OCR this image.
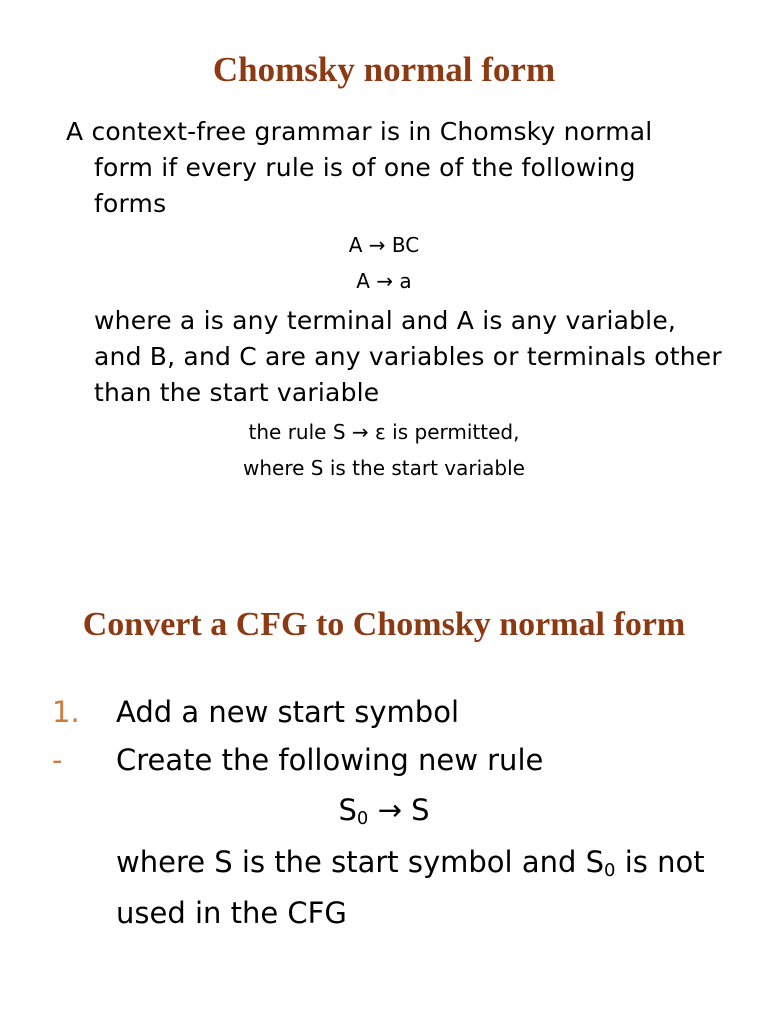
Chomsky normal form

A context-free grammar is in Chomsky normal form if every rule is of one of the following forms

A → BC
A → a

where a is any terminal and A is any variable, and B, and C are any variables or terminals other than the start variable

the rule S → ε is permitted,
where S is the start variable
Convert a CFG to Chomsky normal form
1. Add a new start symbol
- Create the following new rule
$S_0 \to S$

where S is the start symbol and $S_0$ is not used in the CFG
